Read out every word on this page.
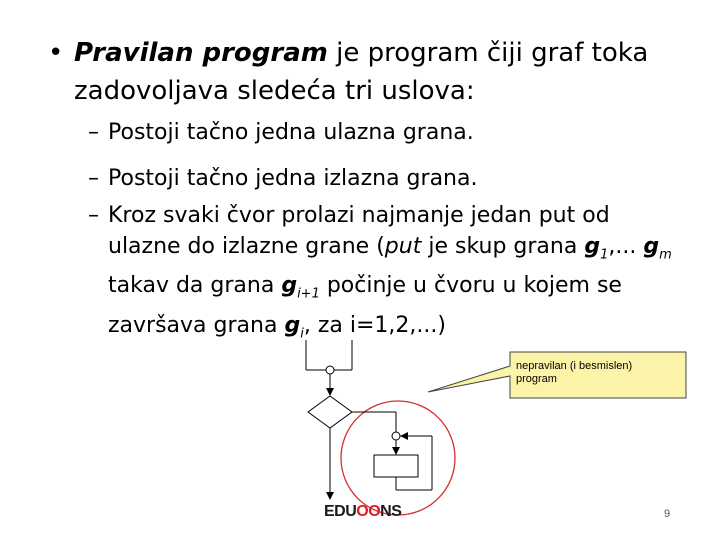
• Pravilan program je program čiji graf toka zadovoljava sledeća tri uslova:
– Postoji tačno jedna ulazna grana.
– Postoji tačno jedna izlazna grana.
– Kroz svaki čvor prolazi najmanje jedan put od ulazne do izlazne grane (put je skup grana $g_1$,... $g_m$ takav da grana $g_{i+1}$ počinje u čvoru u kojem se završava grana $g_i$, za i=1,2,...)
nepravilan (i besmislen) program
EDUOONS	9
